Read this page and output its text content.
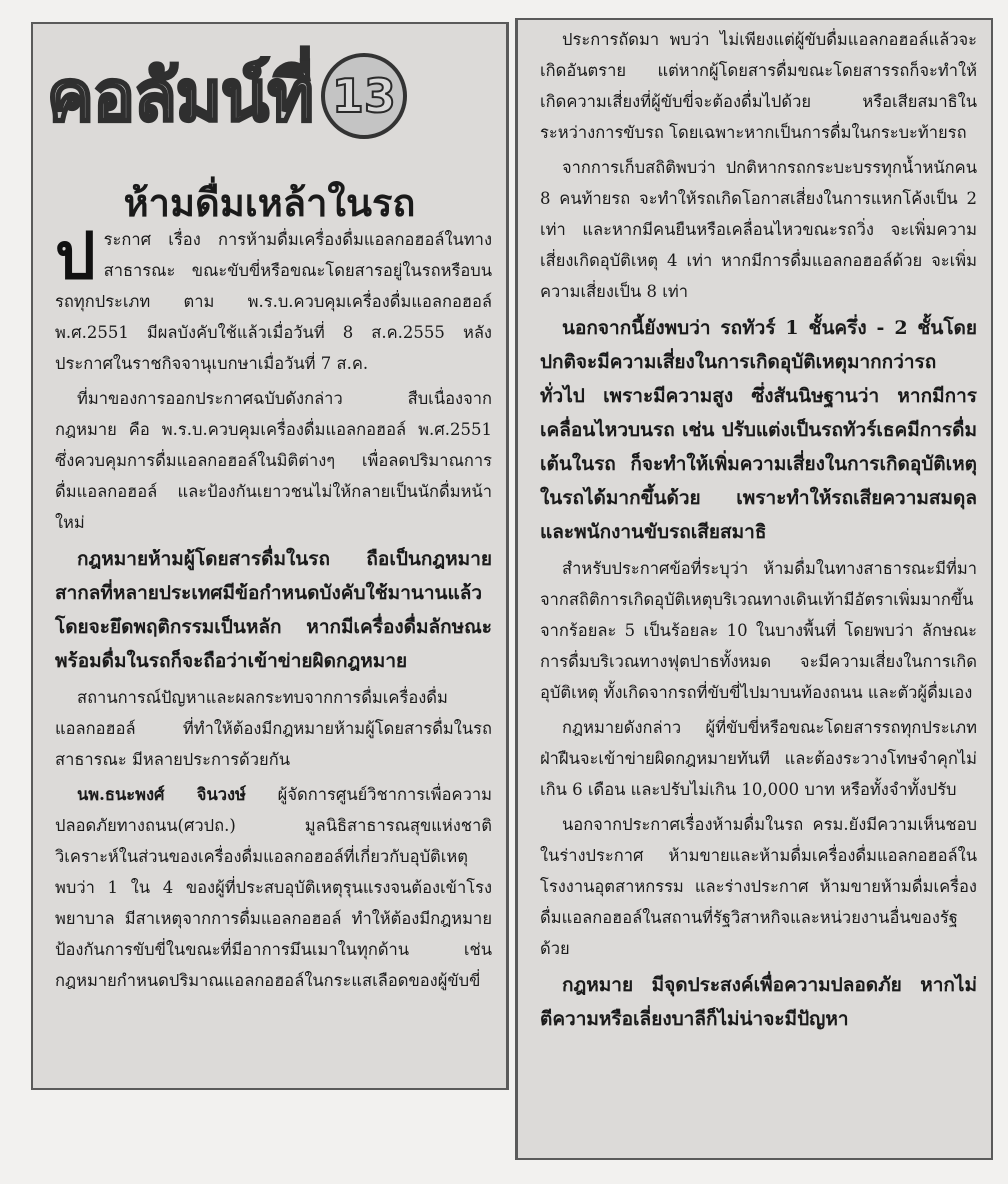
คอลัมน์ที่ 13
ห้ามดื่มเหล้าในรถ

ประกาศ เรื่อง การห้ามดื่มเครื่องดื่มแอลกอฮอล์ในทางสาธารณะ ขณะขับขี่หรือขณะโดยสารอยู่ในรถหรือบนรถทุกประเภท ตาม พ.ร.บ.ควบคุมเครื่องดื่มแอลกอฮอล์ พ.ศ.2551 มีผลบังคับใช้แล้วเมื่อวันที่ 8 ส.ค.2555 หลังประกาศในราชกิจจานุเบกษาเมื่อวันที่ 7 ส.ค.

ที่มาของการออกประกาศฉบับดังกล่าว สืบเนื่องจากกฎหมาย คือ พ.ร.บ.ควบคุมเครื่องดื่มแอลกอฮอล์ พ.ศ.2551 ซึ่งควบคุมการดื่มแอลกอฮอล์ในมิติต่างๆ เพื่อลดปริมาณการดื่มแอลกอฮอล์ และป้องกันเยาวชนไม่ให้กลายเป็นนักดื่มหน้าใหม่

กฎหมายห้ามผู้โดยสารดื่มในรถ ถือเป็นกฎหมายสากลที่หลายประเทศมีข้อกำหนดบังคับใช้มานานแล้ว โดยจะยึดพฤติกรรมเป็นหลัก หากมีเครื่องดื่มลักษณะพร้อมดื่มในรถก็จะถือว่าเข้าข่ายผิดกฎหมาย

สถานการณ์ปัญหาและผลกระทบจากการดื่มเครื่องดื่มแอลกอฮอล์ ที่ทำให้ต้องมีกฎหมายห้ามผู้โดยสารดื่มในรถสาธารณะ มีหลายประการด้วยกัน

นพ.ธนะพงศ์ จินวงษ์ ผู้จัดการศูนย์วิชาการเพื่อความปลอดภัยทางถนน(ศวปถ.) มูลนิธิสาธารณสุขแห่งชาติวิเคราะห์ในส่วนของเครื่องดื่มแอลกอฮอล์ที่เกี่ยวกับอุบัติเหตุ พบว่า 1 ใน 4 ของผู้ที่ประสบอุบัติเหตุรุนแรงจนต้องเข้าโรงพยาบาล มีสาเหตุจากการดื่มแอลกอฮอล์ ทำให้ต้องมีกฎหมายป้องกันการขับขี่ในขณะที่มีอาการมึนเมาในทุกด้าน เช่น กฎหมายกำหนดปริมาณแอลกอฮอล์ในกระแสเลือดของผู้ขับขี่

ประการถัดมา พบว่า ไม่เพียงแต่ผู้ขับดื่มแอลกอฮอล์แล้วจะเกิดอันตราย แต่หากผู้โดยสารดื่มขณะโดยสารรถก็จะทำให้เกิดความเสี่ยงที่ผู้ขับขี่จะต้องดื่มไปด้วย หรือเสียสมาธิในระหว่างการขับรถ โดยเฉพาะหากเป็นการดื่มในกระบะท้ายรถ

จากการเก็บสถิติพบว่า ปกติหากรถกระบะบรรทุกน้ำหนักคน 8 คนท้ายรถ จะทำให้รถเกิดโอกาสเสี่ยงในการแหกโค้งเป็น 2 เท่า และหากมีคนยืนหรือเคลื่อนไหวขณะรถวิ่ง จะเพิ่มความเสี่ยงเกิดอุบัติเหตุ 4 เท่า หากมีการดื่มแอลกอฮอล์ด้วย จะเพิ่มความเสี่ยงเป็น 8 เท่า

นอกจากนี้ยังพบว่า รถทัวร์ 1 ชั้นครึ่ง - 2 ชั้นโดยปกติจะมีความเสี่ยงในการเกิดอุบัติเหตุมากกว่ารถทั่วไป เพราะมีความสูง ซึ่งสันนิษฐานว่า หากมีการเคลื่อนไหวบนรถ เช่น ปรับแต่งเป็นรถทัวร์เธคมีการดื่ม เต้นในรถ ก็จะทำให้เพิ่มความเสี่ยงในการเกิดอุบัติเหตุในรถได้มากขึ้นด้วย เพราะทำให้รถเสียความสมดุล และพนักงานขับรถเสียสมาธิ

สำหรับประกาศข้อที่ระบุว่า ห้ามดื่มในทางสาธารณะมีที่มาจากสถิติการเกิดอุบัติเหตุบริเวณทางเดินเท้ามีอัตราเพิ่มมากขึ้น จากร้อยละ 5 เป็นร้อยละ 10 ในบางพื้นที่ โดยพบว่า ลักษณะการดื่มบริเวณทางฟุตปาธทั้งหมด จะมีความเสี่ยงในการเกิดอุบัติเหตุ ทั้งเกิดจากรถที่ขับขี่ไปมาบนท้องถนน และตัวผู้ดื่มเอง

กฎหมายดังกล่าว ผู้ที่ขับขี่หรือขณะโดยสารรถทุกประเภทฝ่าฝืนจะเข้าข่ายผิดกฎหมายทันที และต้องระวางโทษจำคุกไม่เกิน 6 เดือน และปรับไม่เกิน 10,000 บาท หรือทั้งจำทั้งปรับ

นอกจากประกาศเรื่องห้ามดื่มในรถ ครม.ยังมีความเห็นชอบในร่างประกาศ ห้ามขายและห้ามดื่มเครื่องดื่มแอลกอฮอล์ในโรงงานอุตสาหกรรม และร่างประกาศ ห้ามขายห้ามดื่มเครื่องดื่มแอลกอฮอล์ในสถานที่รัฐวิสาหกิจและหน่วยงานอื่นของรัฐด้วย

กฎหมาย มีจุดประสงค์เพื่อความปลอดภัย หากไม่ตีความหรือเลี่ยงบาลีก็ไม่น่าจะมีปัญหา
